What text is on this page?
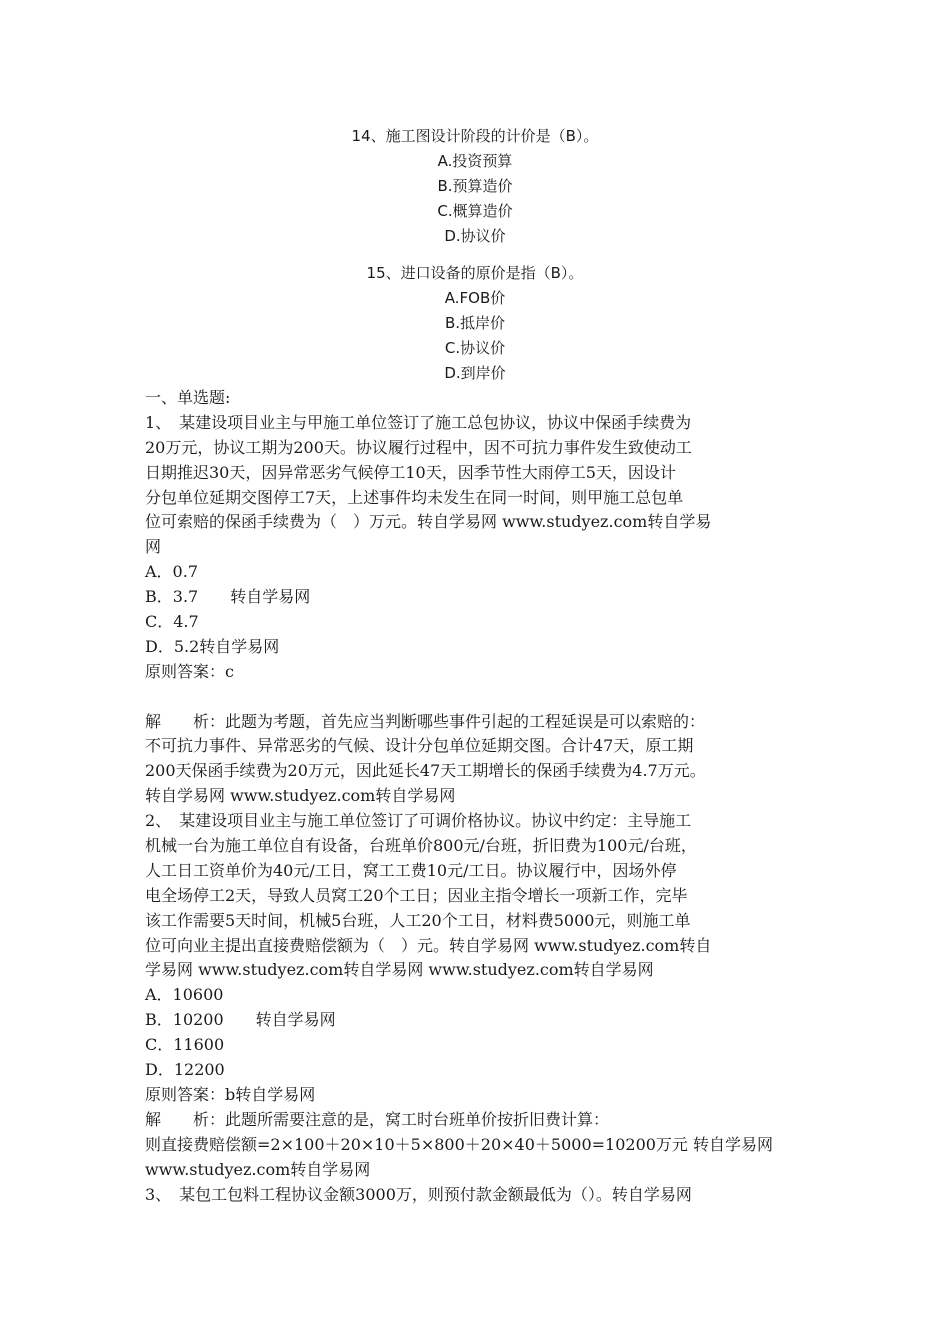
14、施工图设计阶段的计价是（B）。
A.投资预算
B.预算造价
C.概算造价
D.协议价
15、进口设备的原价是指（B）。
A.FOB价
B.抵岸价
C.协议价
D.到岸价
一、单选题:
1、　某建设项目业主与甲施工单位签订了施工总包协议，协议中保函手续费为
20万元，协议工期为200天。协议履行过程中，因不可抗力事件发生致使动工
日期推迟30天，因异常恶劣气候停工10天，因季节性大雨停工5天，因设计
分包单位延期交图停工7天，上述事件均未发生在同一时间，则甲施工总包单
位可索赔的保函手续费为（　）万元。转自学易网 www.studyez.com转自学易
网
A．0.7
B．3.7　　转自学易网
C．4.7
D．5.2转自学易网
原则答案：c
解　　析：此题为考题，首先应当判断哪些事件引起的工程延误是可以索赔的：
不可抗力事件、异常恶劣的气候、设计分包单位延期交图。合计47天，原工期
200天保函手续费为20万元，因此延长47天工期增长的保函手续费为4.7万元。
转自学易网 www.studyez.com转自学易网
2、　某建设项目业主与施工单位签订了可调价格协议。协议中约定：主导施工
机械一台为施工单位自有设备，台班单价800元/台班，折旧费为100元/台班，
人工日工资单价为40元/工日，窝工工费10元/工日。协议履行中，因场外停
电全场停工2天，导致人员窝工20个工日；因业主指令增长一项新工作，完毕
该工作需要5天时间，机械5台班，人工20个工日，材料费5000元，则施工单
位可向业主提出直接费赔偿额为（　）元。转自学易网 www.studyez.com转自
学易网 www.studyez.com转自学易网 www.studyez.com转自学易网
A．10600
B．10200　　转自学易网
C．11600
D．12200
原则答案：b转自学易网
解　　析：此题所需要注意的是，窝工时台班单价按折旧费计算：
则直接费赔偿额=2×100＋20×10＋5×800＋20×40＋5000=10200万元 转自学易网
www.studyez.com转自学易网
3、　某包工包料工程协议金额3000万，则预付款金额最低为（）。转自学易网
